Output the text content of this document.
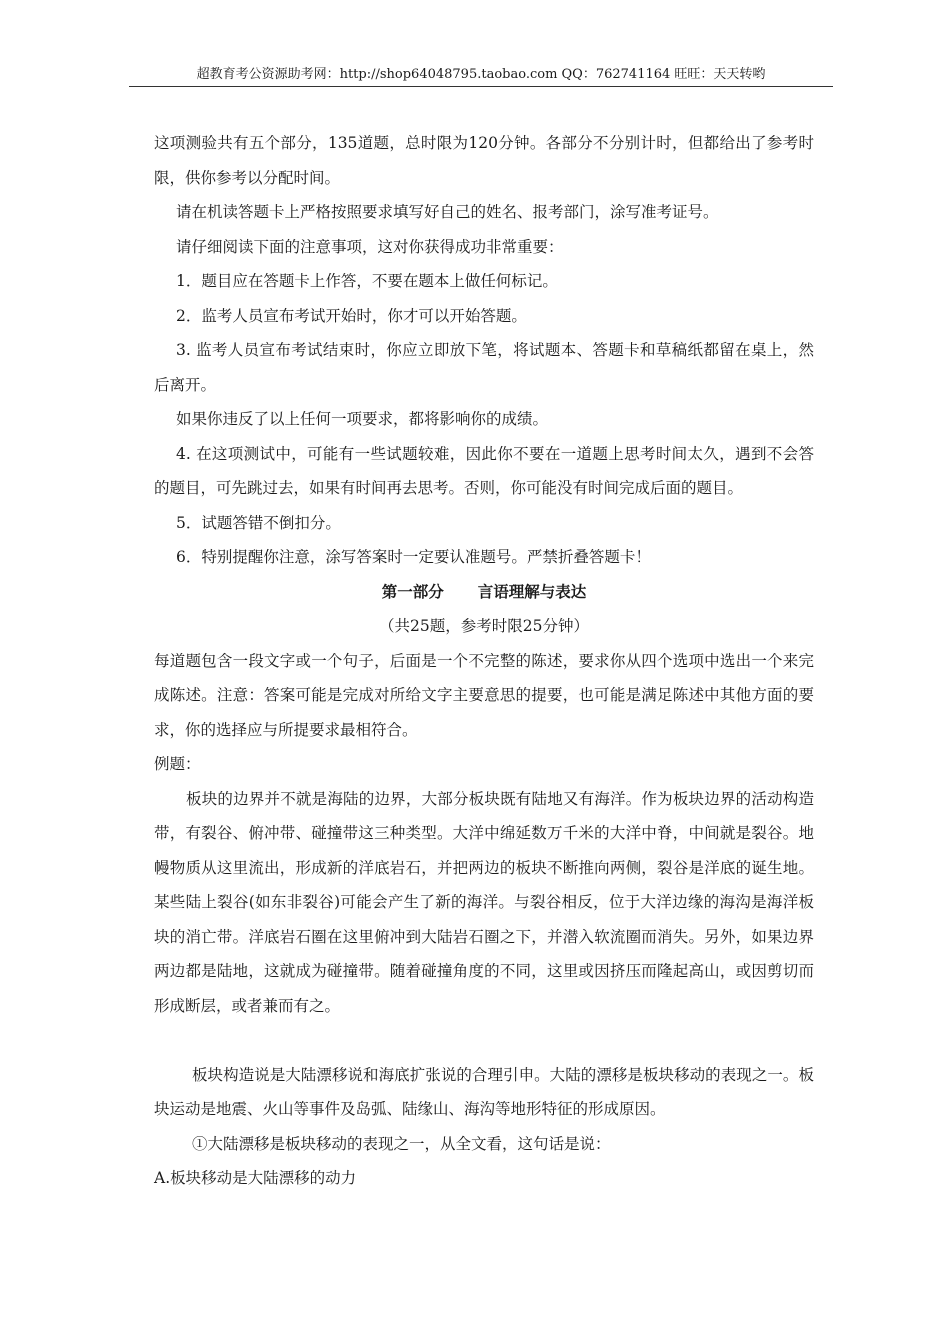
超教育考公资源助考网：http://shop64048795.taobao.com QQ：762741164 旺旺：天天转哟

这项测验共有五个部分，135道题，总时限为120分钟。各部分不分别计时，但都给出了参考时限，供你参考以分配时间。

请在机读答题卡上严格按照要求填写好自己的姓名、报考部门，涂写准考证号。

请仔细阅读下面的注意事项，这对你获得成功非常重要：

1．题目应在答题卡上作答，不要在题本上做任何标记。

2．监考人员宣布考试开始时，你才可以开始答题。

3. 监考人员宣布考试结束时，你应立即放下笔，将试题本、答题卡和草稿纸都留在桌上，然后离开。

如果你违反了以上任何一项要求，都将影响你的成绩。

4. 在这项测试中，可能有一些试题较难，因此你不要在一道题上思考时间太久，遇到不会答的题目，可先跳过去，如果有时间再去思考。否则，你可能没有时间完成后面的题目。

5．试题答错不倒扣分。

6．特别提醒你注意，涂写答案时一定要认准题号。严禁折叠答题卡！

第一部分 言语理解与表达

（共25题，参考时限25分钟）

每道题包含一段文字或一个句子，后面是一个不完整的陈述，要求你从四个选项中选出一个来完成陈述。注意：答案可能是完成对所给文字主要意思的提要，也可能是满足陈述中其他方面的要求，你的选择应与所提要求最相符合。

例题：

板块的边界并不就是海陆的边界，大部分板块既有陆地又有海洋。作为板块边界的活动构造带，有裂谷、俯冲带、碰撞带这三种类型。大洋中绵延数万千米的大洋中脊，中间就是裂谷。地幔物质从这里流出，形成新的洋底岩石，并把两边的板块不断推向两侧，裂谷是洋底的诞生地。某些陆上裂谷(如东非裂谷)可能会产生了新的海洋。与裂谷相反，位于大洋边缘的海沟是海洋板块的消亡带。洋底岩石圈在这里俯冲到大陆岩石圈之下，并潜入软流圈而消失。另外，如果边界两边都是陆地，这就成为碰撞带。随着碰撞角度的不同，这里或因挤压而隆起高山，或因剪切而形成断层，或者兼而有之。

板块构造说是大陆漂移说和海底扩张说的合理引申。大陆的漂移是板块移动的表现之一。板块运动是地震、火山等事件及岛弧、陆缘山、海沟等地形特征的形成原因。

①大陆漂移是板块移动的表现之一，从全文看，这句话是说：

A.板块移动是大陆漂移的动力
